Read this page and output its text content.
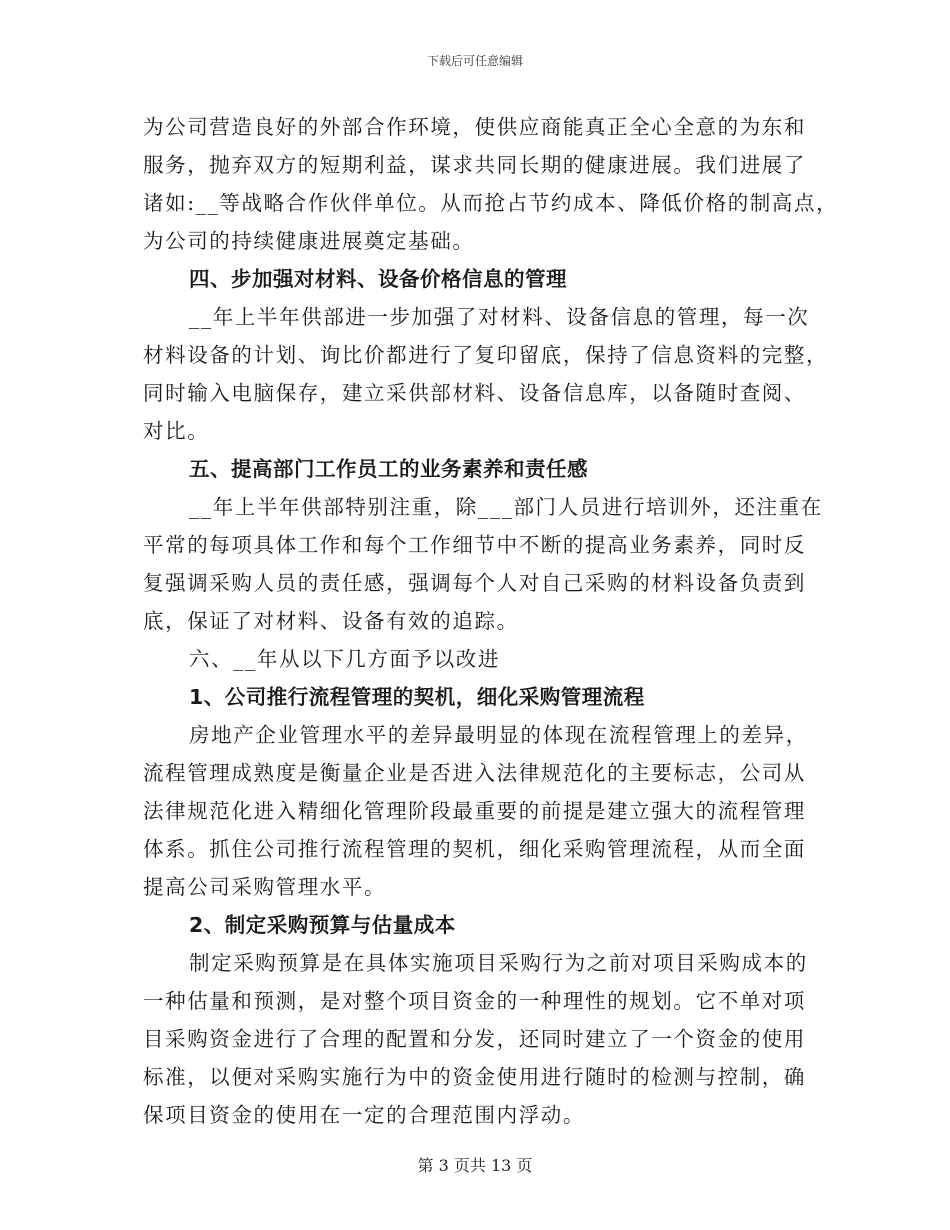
下载后可任意编辑
为公司营造良好的外部合作环境，使供应商能真正全心全意的为东和
服务，抛弃双方的短期利益，谋求共同长期的健康进展。我们进展了
诸如:__等战略合作伙伴单位。从而抢占节约成本、降低价格的制高点，
为公司的持续健康进展奠定基础。
四、步加强对材料、设备价格信息的管理
__年上半年供部进一步加强了对材料、设备信息的管理，每一次
材料设备的计划、询比价都进行了复印留底，保持了信息资料的完整，
同时输入电脑保存，建立采供部材料、设备信息库，以备随时查阅、
对比。
五、提高部门工作员工的业务素养和责任感
__年上半年供部特别注重，除___部门人员进行培训外，还注重在
平常的每项具体工作和每个工作细节中不断的提高业务素养，同时反
复强调采购人员的责任感，强调每个人对自己采购的材料设备负责到
底，保证了对材料、设备有效的追踪。
六、__年从以下几方面予以改进
1、公司推行流程管理的契机，细化采购管理流程
房地产企业管理水平的差异最明显的体现在流程管理上的差异，
流程管理成熟度是衡量企业是否进入法律规范化的主要标志，公司从
法律规范化进入精细化管理阶段最重要的前提是建立强大的流程管理
体系。抓住公司推行流程管理的契机，细化采购管理流程，从而全面
提高公司采购管理水平。
2、制定采购预算与估量成本
制定采购预算是在具体实施项目采购行为之前对项目采购成本的
一种估量和预测，是对整个项目资金的一种理性的规划。它不单对项
目采购资金进行了合理的配置和分发，还同时建立了一个资金的使用
标准，以便对采购实施行为中的资金使用进行随时的检测与控制，确
保项目资金的使用在一定的合理范围内浮动。
第 3 页共 13 页
